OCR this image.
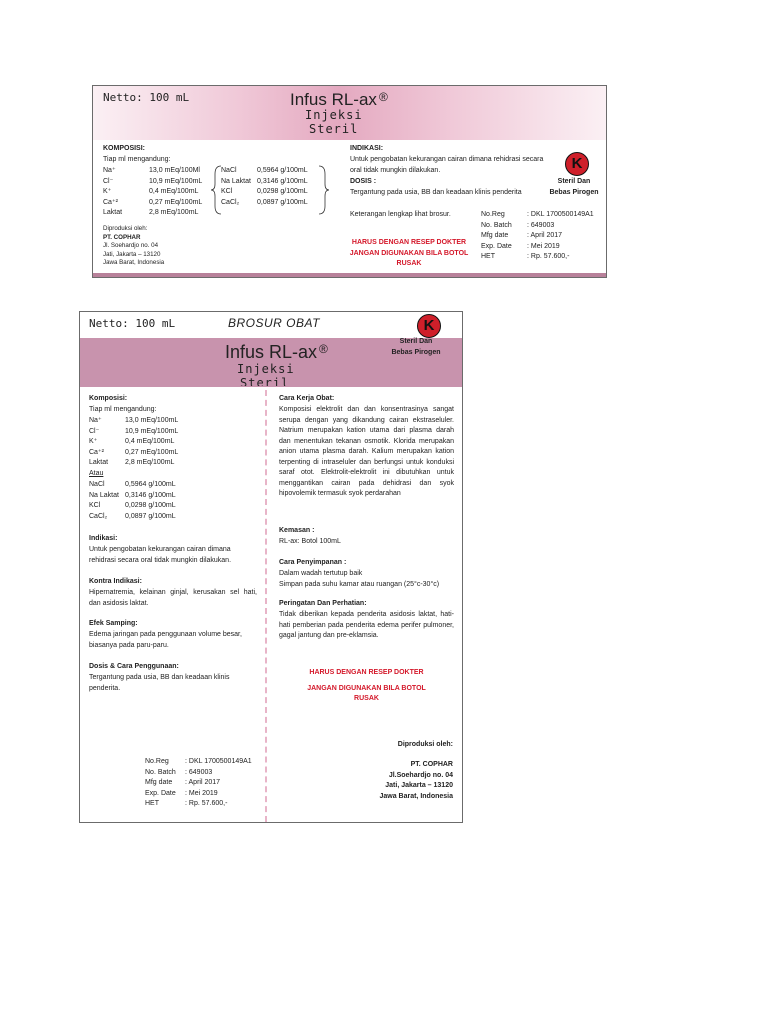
Netto: 100 mL	Infus RL-ax ®
Injeksi
Steril
KOMPOSISI:
Tiap ml mengandung:
Na⁺	13,0 mEq/100Ml
Cl⁻	10,9 mEq/100mL
K⁺	0,4 mEq/100mL
Ca⁺²	0,27 mEq/100mL
Laktat	2,8 mEq/100mL
NaCl	0,5964 g/100mL
Na Laktat 0,3146 g/100mL
KCl	0,0298 g/100mL
CaCl₂	0,0897 g/100mL
Diproduksi oleh:
PT. COPHAR
Jl. Soehardjo no. 04
Jati, Jakarta – 13120
Jawa Barat, Indonesia
INDIKASI:
Untuk pengobatan kekurangan cairan dimana rehidrasi secara oral tidak mungkin dilakukan.
DOSIS :
Tergantung pada usia, BB dan keadaan klinis penderita
Keterangan lengkap lihat brosur.
K
Steril Dan
Bebas Pirogen
No.Reg	: DKL 1700500149A1
No. Batch	: 649003
Mfg date	: April 2017
Exp. Date	: Mei 2019
HET	: Rp. 57.600,-
HARUS DENGAN RESEP DOKTER
JANGAN DIGUNAKAN BILA BOTOL
RUSAK
Netto: 100 mL	BROSUR OBAT	K
Infus RL-ax ®
Injeksi
Steril
Steril Dan
Bebas Pirogen
Komposisi:
Tiap ml mengandung:
Na⁺	13,0 mEq/100mL
Cl⁻	10,9 mEq/100mL
K⁺	0,4 mEq/100mL
Ca⁺²	0,27 mEq/100mL
Laktat	2,8 mEq/100mL
Atau
NaCl	0,5964 g/100mL
Na Laktat 0,3146 g/100mL
KCl	0,0298 g/100mL
CaCl₂	0,0897 g/100mL
Indikasi:
Untuk pengobatan kekurangan cairan dimana rehidrasi secara oral tidak mungkin dilakukan.
Kontra Indikasi:
Hipernatremia, kelainan ginjal, kerusakan sel hati, dan asidosis laktat.
Efek Samping:
Edema jaringan pada penggunaan volume besar, biasanya pada paru-paru.
Dosis & Cara Penggunaan:
Tergantung pada usia, BB dan keadaan klinis penderita.
No.Reg	: DKL 1700500149A1
No. Batch	: 649003
Mfg date	: April 2017
Exp. Date	: Mei 2019
HET	: Rp. 57.600,-
Cara Kerja Obat:
Komposisi elektrolit dan dan konsentrasinya sangat serupa dengan yang dikandung cairan ekstraseluler. Natrium merupakan kation utama dari plasma darah dan menentukan tekanan osmotik. Klorida merupakan anion utama plasma darah. Kalium merupakan kation terpenting di intraseluler dan berfungsi untuk konduksi saraf otot. Elektrolit-elektrolit ini dibutuhkan untuk menggantikan cairan pada dehidrasi dan syok hipovolemik termasuk syok perdarahan
Kemasan :
RL-ax: Botol 100mL
Cara Penyimpanan :
Dalam wadah tertutup baik
Simpan pada suhu kamar atau ruangan (25°c-30°c)
Peringatan Dan Perhatian:
Tidak diberikan kepada penderita asidosis laktat, hati-hati pemberian pada penderita edema perifer pulmoner, gagal jantung dan pre-eklamsia.
HARUS DENGAN RESEP DOKTER
JANGAN DIGUNAKAN BILA BOTOL
RUSAK
Diproduksi oleh:
PT. COPHAR
Jl.Soehardjo no. 04
Jati, Jakarta – 13120
Jawa Barat, Indonesia
